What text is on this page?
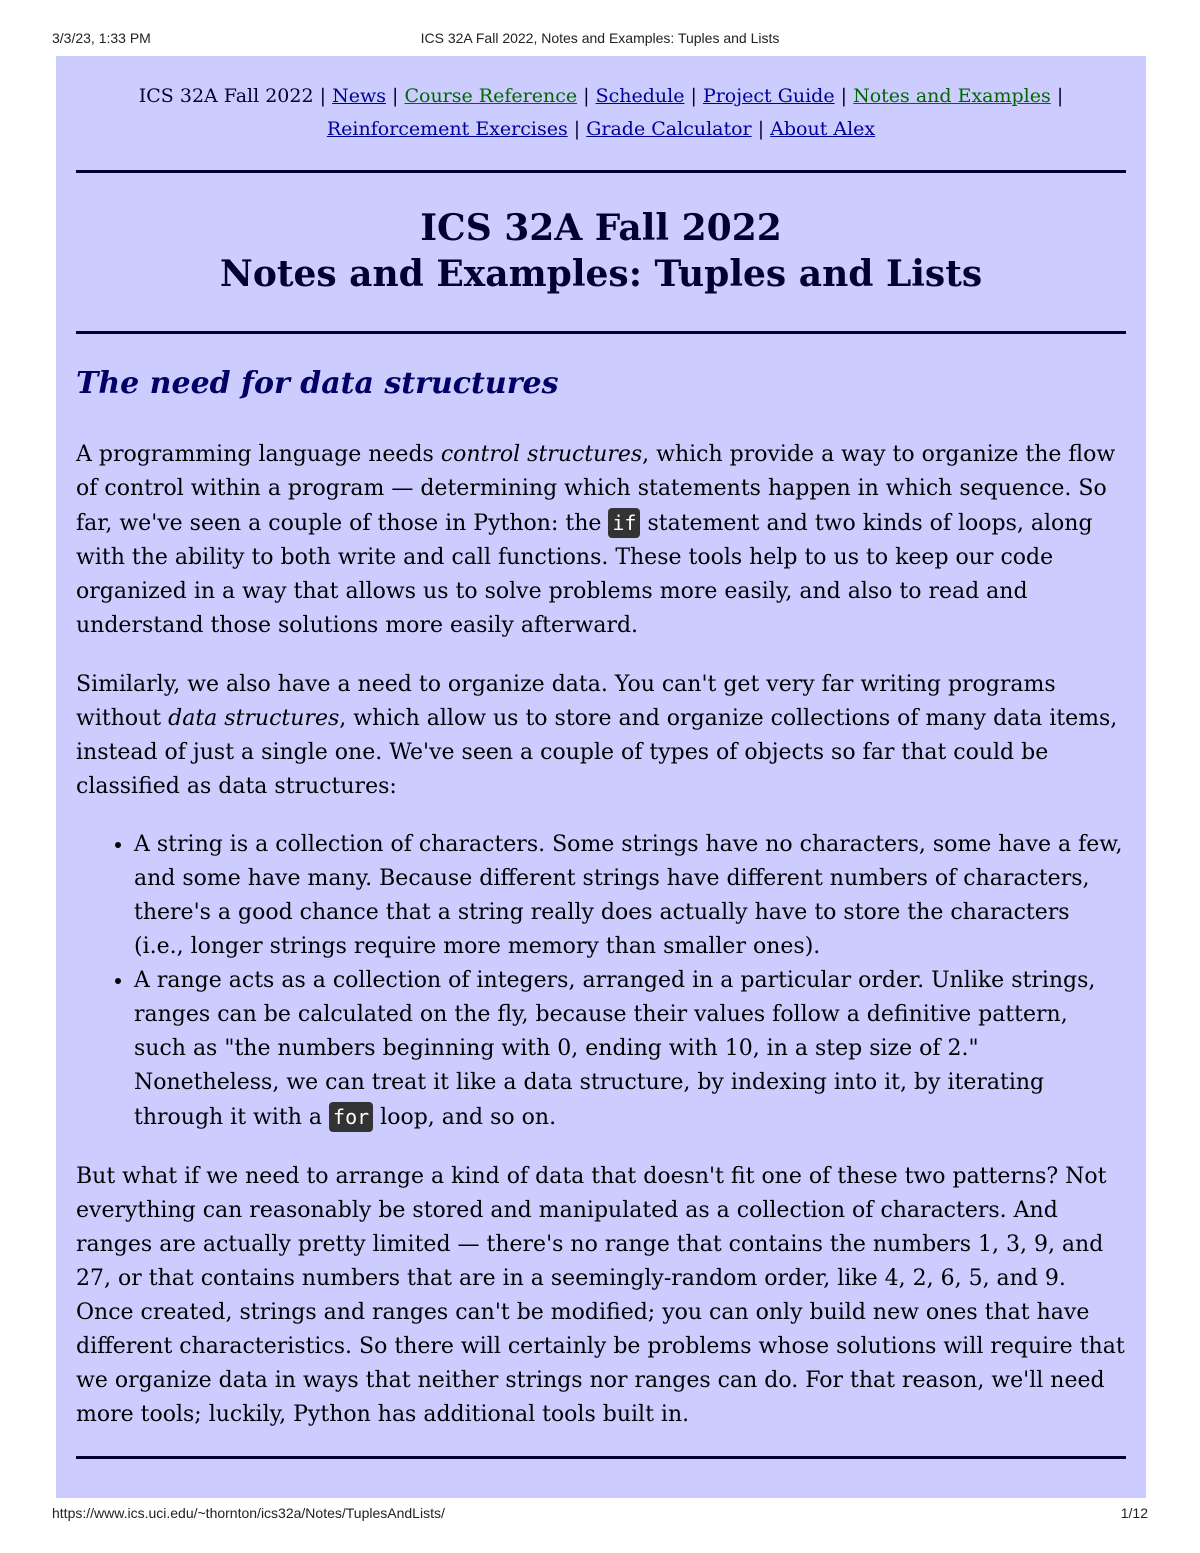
3/3/23, 1:33 PM	ICS 32A Fall 2022, Notes and Examples: Tuples and Lists
ICS 32A Fall 2022 | News | Course Reference | Schedule | Project Guide | Notes and Examples | Reinforcement Exercises | Grade Calculator | About Alex
ICS 32A Fall 2022
Notes and Examples: Tuples and Lists
The need for data structures

A programming language needs control structures, which provide a way to organize the flow of control within a program — determining which statements happen in which sequence. So far, we've seen a couple of those in Python: the if statement and two kinds of loops, along with the ability to both write and call functions. These tools help to us to keep our code organized in a way that allows us to solve problems more easily, and also to read and understand those solutions more easily afterward.

Similarly, we also have a need to organize data. You can't get very far writing programs without data structures, which allow us to store and organize collections of many data items, instead of just a single one. We've seen a couple of types of objects so far that could be classified as data structures:

• A string is a collection of characters. Some strings have no characters, some have a few, and some have many. Because different strings have different numbers of characters, there's a good chance that a string really does actually have to store the characters (i.e., longer strings require more memory than smaller ones).
• A range acts as a collection of integers, arranged in a particular order. Unlike strings, ranges can be calculated on the fly, because their values follow a definitive pattern, such as "the numbers beginning with 0, ending with 10, in a step size of 2." Nonetheless, we can treat it like a data structure, by indexing into it, by iterating through it with a for loop, and so on.

But what if we need to arrange a kind of data that doesn't fit one of these two patterns? Not everything can reasonably be stored and manipulated as a collection of characters. And ranges are actually pretty limited — there's no range that contains the numbers 1, 3, 9, and 27, or that contains numbers that are in a seemingly-random order, like 4, 2, 6, 5, and 9. Once created, strings and ranges can't be modified; you can only build new ones that have different characteristics. So there will certainly be problems whose solutions will require that we organize data in ways that neither strings nor ranges can do. For that reason, we'll need more tools; luckily, Python has additional tools built in.

https://www.ics.uci.edu/~thornton/ics32a/Notes/TuplesAndLists/	1/12
